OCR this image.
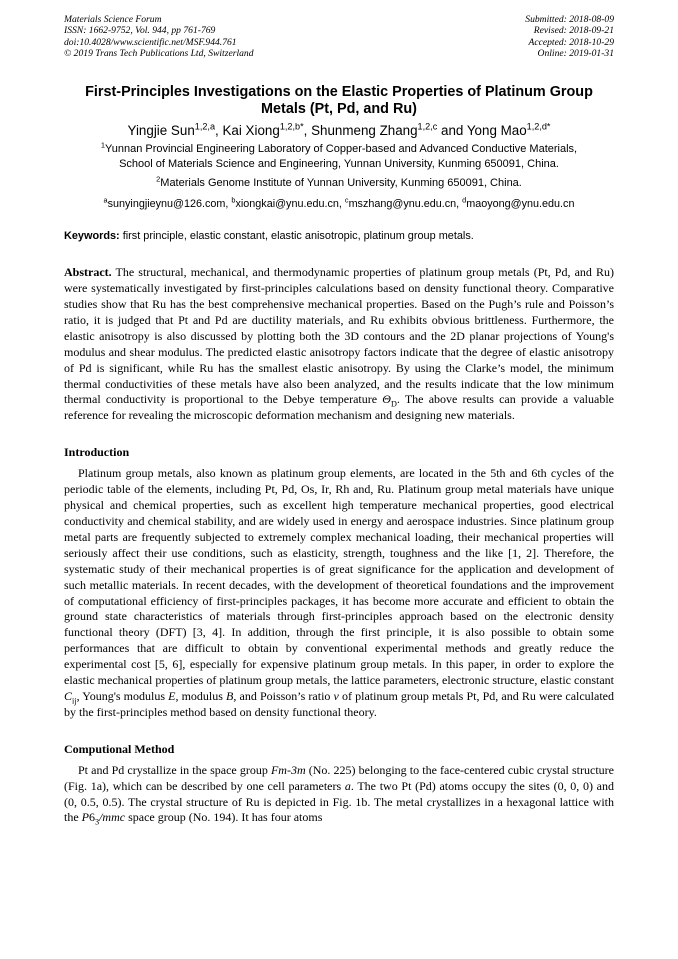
Materials Science Forum
ISSN: 1662-9752, Vol. 944, pp 761-769
doi:10.4028/www.scientific.net/MSF.944.761
© 2019 Trans Tech Publications Ltd, Switzerland
Submitted: 2018-08-09
Revised: 2018-09-21
Accepted: 2018-10-29
Online: 2019-01-31
First-Principles Investigations on the Elastic Properties of Platinum Group Metals (Pt, Pd, and Ru)
Yingjie Sun$^{1,2,a}$, Kai Xiong$^{1,2,b*}$, Shunmeng Zhang$^{1,2,c}$ and Yong Mao$^{1,2,d*}$
$^1$Yunnan Provincial Engineering Laboratory of Copper-based and Advanced Conductive Materials,
School of Materials Science and Engineering, Yunnan University, Kunming 650091, China.
$^2$Materials Genome Institute of Yunnan University, Kunming 650091, China.
$^a$sunyingjieynu@126.com, $^b$xiongkai@ynu.edu.cn, $^c$mszhang@ynu.edu.cn, $^d$maoyong@ynu.edu.cn
Keywords: first principle, elastic constant, elastic anisotropic, platinum group metals.
Abstract. The structural, mechanical, and thermodynamic properties of platinum group metals (Pt, Pd, and Ru) were systematically investigated by first-principles calculations based on density functional theory. Comparative studies show that Ru has the best comprehensive mechanical properties. Based on the Pugh’s rule and Poisson’s ratio, it is judged that Pt and Pd are ductility materials, and Ru exhibits obvious brittleness. Furthermore, the elastic anisotropy is also discussed by plotting both the 3D contours and the 2D planar projections of Young's modulus and shear modulus. The predicted elastic anisotropy factors indicate that the degree of elastic anisotropy of Pd is significant, while Ru has the smallest elastic anisotropy. By using the Clarke’s model, the minimum thermal conductivities of these metals have also been analyzed, and the results indicate that the low minimum thermal conductivity is proportional to the Debye temperature $\Theta_D$. The above results can provide a valuable reference for revealing the microscopic deformation mechanism and designing new materials.
Introduction
Platinum group metals, also known as platinum group elements, are located in the 5th and 6th cycles of the periodic table of the elements, including Pt, Pd, Os, Ir, Rh and, Ru. Platinum group metal materials have unique physical and chemical properties, such as excellent high temperature mechanical properties, good electrical conductivity and chemical stability, and are widely used in energy and aerospace industries. Since platinum group metal parts are frequently subjected to extremely complex mechanical loading, their mechanical properties will seriously affect their use conditions, such as elasticity, strength, toughness and the like [1, 2]. Therefore, the systematic study of their mechanical properties is of great significance for the application and development of such metallic materials. In recent decades, with the development of theoretical foundations and the improvement of computational efficiency of first-principles packages, it has become more accurate and efficient to obtain the ground state characteristics of materials through first-principles approach based on the electronic density functional theory (DFT) [3, 4]. In addition, through the first principle, it is also possible to obtain some performances that are difficult to obtain by conventional experimental methods and greatly reduce the experimental cost [5, 6], especially for expensive platinum group metals. In this paper, in order to explore the elastic mechanical properties of platinum group metals, the lattice parameters, electronic structure, elastic constant $C_{ij}$, Young's modulus E, modulus B, and Poisson’s ratio v of platinum group metals Pt, Pd, and Ru were calculated by the first-principles method based on density functional theory.
Computional Method
Pt and Pd crystallize in the space group Fm-3m (No. 225) belonging to the face-centered cubic crystal structure (Fig. 1a), which can be described by one cell parameters a. The two Pt (Pd) atoms occupy the sites (0, 0, 0) and (0, 0.5, 0.5). The crystal structure of Ru is depicted in Fig. 1b. The metal crystallizes in a hexagonal lattice with the $P6_3$/mmc space group (No. 194). It has four atoms
